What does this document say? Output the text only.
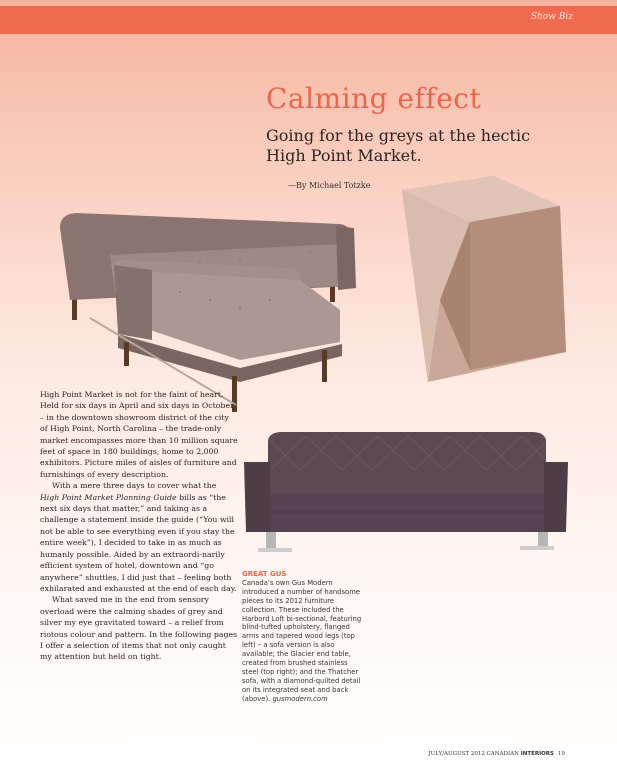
Show Biz
Calming effect
Going for the greys at the hectic High Point Market.
—By Michael Totzke

High Point Market is not for the faint of heart. Held for six days in April and six days in October – in the downtown showroom district of the city of High Point, North Carolina – the trade-only market encompasses more than 10 million square feet of space in 180 buildings, home to 2,000 exhibitors. Picture miles of aisles of furniture and furnishings of every description.

With a mere three days to cover what the High Point Market Planning Guide bills as “the next six days that matter,” and taking as a challenge a statement inside the guide (“You will not be able to see everything even if you stay the entire week”), I decided to take in as much as humanly possible. Aided by an extraordi-narily efficient system of hotel, downtown and “go anywhere” shuttles, I did just that – feeling both exhilarated and exhausted at the end of each day.

What saved me in the end from sensory overload were the calming shades of grey and silver my eye gravitated toward – a relief from riotous colour and pattern. In the following pages I offer a selection of items that not only caught my attention but held on tight.

GREAT GUS
Canada’s own Gus Modern introduced a number of handsome pieces to its 2012 furniture collection. These included the Harbord Loft bi-sectional, featuring blind-tufted upholstery, flanged arms and tapered wood legs (top left) – a sofa version is also available; the Glacier end table, created from brushed stainless steel (top right); and the Thatcher sofa, with a diamond-quilted detail on its integrated seat and back (above). gusmodern.com
JULY/AUGUST 2012 CANADIAN INTERIORS 19
